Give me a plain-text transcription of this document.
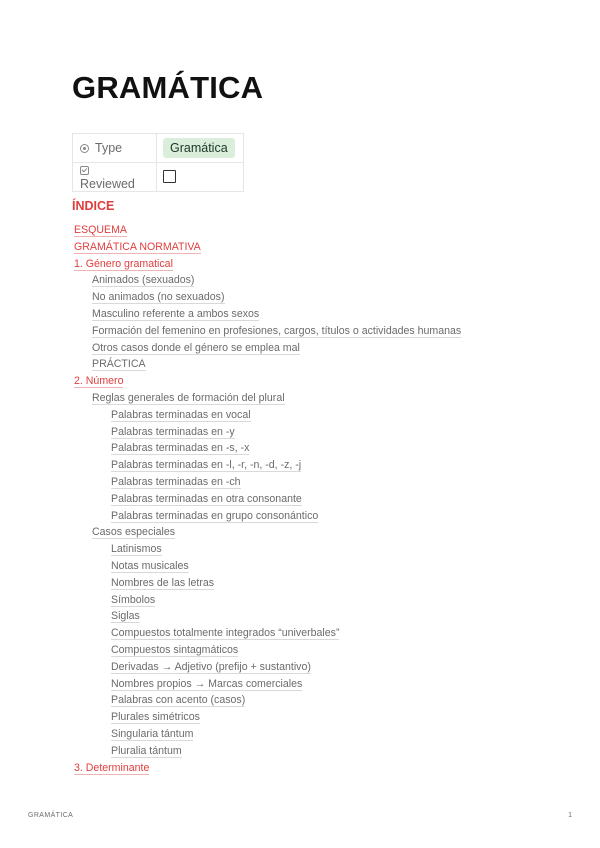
GRAMÁTICA
Type	Gramática
Reviewed	
ÍNDICE
ESQUEMA
GRAMÁTICA NORMATIVA
1. Género gramatical
Animados (sexuados)
No animados (no sexuados)
Masculino referente a ambos sexos
Formación del femenino en profesiones, cargos, títulos o actividades humanas
Otros casos donde el género se emplea mal
PRÁCTICA
2. Número
Reglas generales de formación del plural
Palabras terminadas en vocal
Palabras terminadas en -y
Palabras terminadas en -s, -x
Palabras terminadas en -l, -r, -n, -d, -z, -j
Palabras terminadas en -ch
Palabras terminadas en otra consonante
Palabras terminadas en grupo consonántico
Casos especiales
Latinismos
Notas musicales
Nombres de las letras
Símbolos
Siglas
Compuestos totalmente integrados “univerbales”
Compuestos sintagmáticos
Derivadas → Adjetivo (prefijo + sustantivo)
Nombres propios → Marcas comerciales
Palabras con acento (casos)
Plurales simétricos
Singularia tántum
Pluralia tántum
3. Determinante
GRAMÁTICA	1
